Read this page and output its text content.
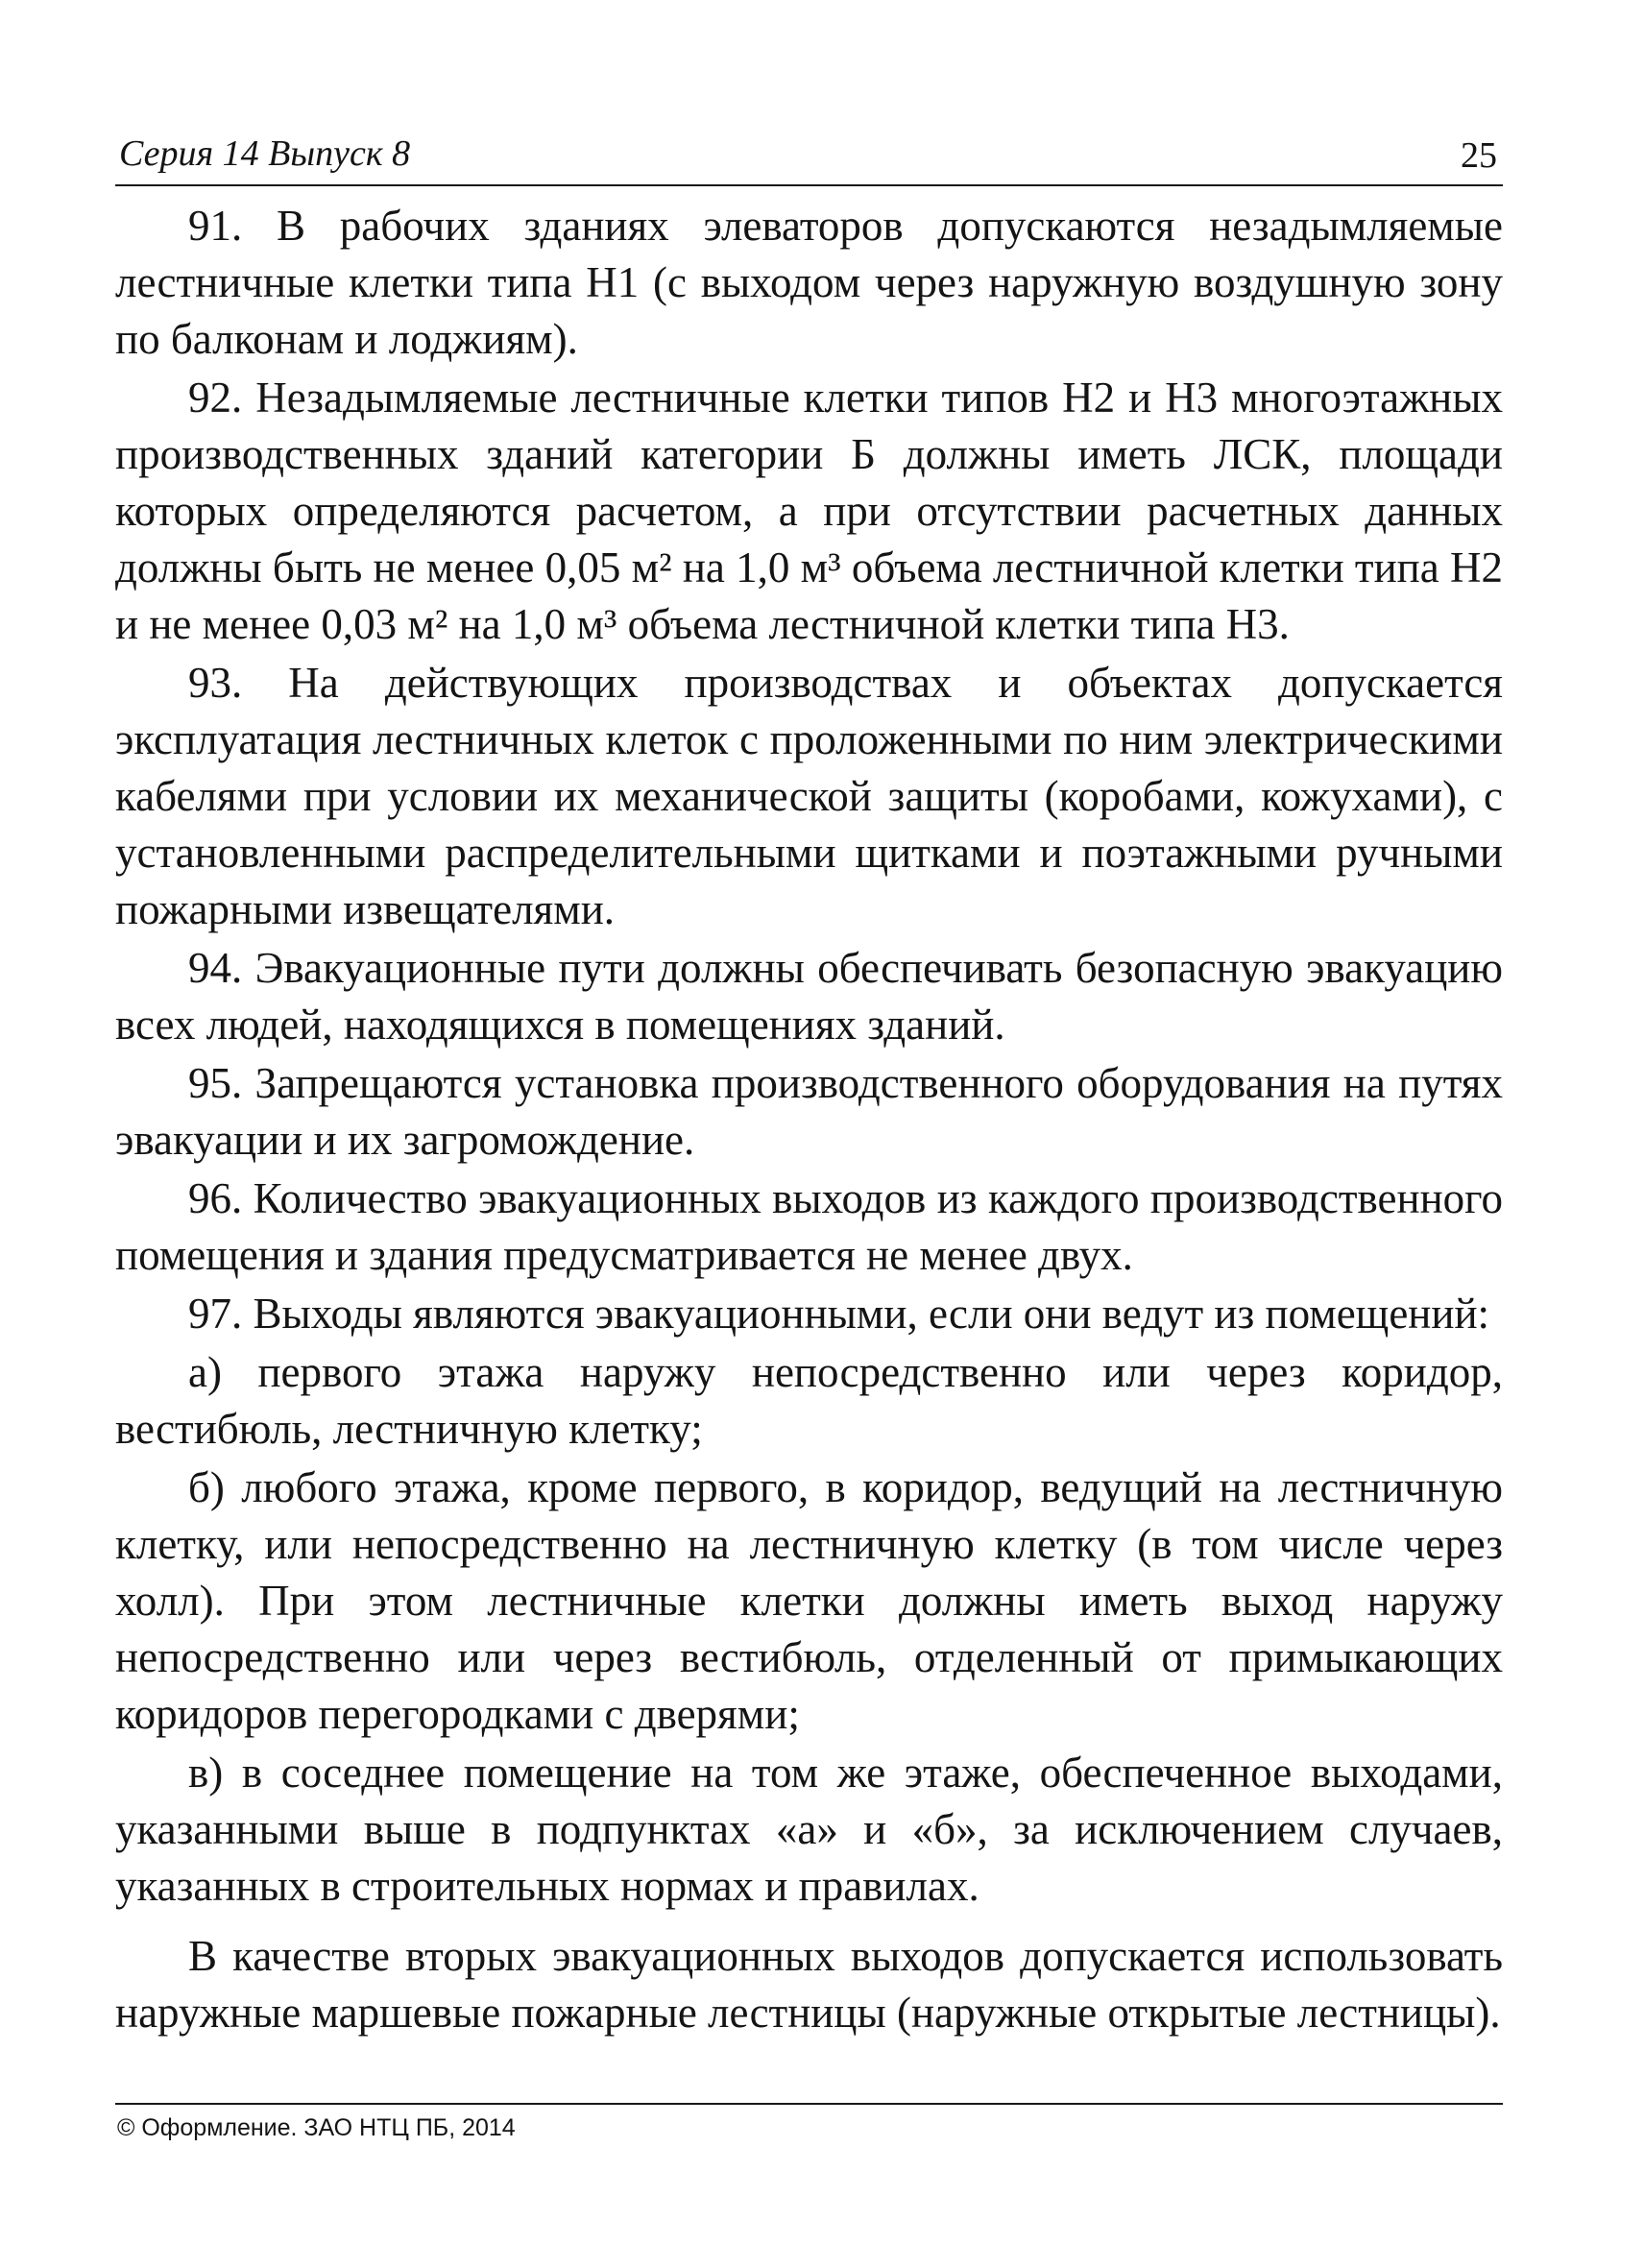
Серия 14 Выпуск 8	25

91. В рабочих зданиях элеваторов допускаются незадымляемые лестничные клетки типа Н1 (с выходом через наружную воздушную зону по балконам и лоджиям).

92. Незадымляемые лестничные клетки типов Н2 и Н3 многоэтажных производственных зданий категории Б должны иметь ЛСК, площади которых определяются расчетом, а при отсутствии расчетных данных должны быть не менее 0,05 м² на 1,0 м³ объема лестничной клетки типа Н2 и не менее 0,03 м² на 1,0 м³ объема лестничной клетки типа Н3.

93. На действующих производствах и объектах допускается эксплуатация лестничных клеток с проложенными по ним электрическими кабелями при условии их механической защиты (коробами, кожухами), с установленными распределительными щитками и поэтажными ручными пожарными извещателями.

94. Эвакуационные пути должны обеспечивать безопасную эвакуацию всех людей, находящихся в помещениях зданий.

95. Запрещаются установка производственного оборудования на путях эвакуации и их загромождение.

96. Количество эвакуационных выходов из каждого производственного помещения и здания предусматривается не менее двух.

97. Выходы являются эвакуационными, если они ведут из помещений:

а) первого этажа наружу непосредственно или через коридор, вестибюль, лестничную клетку;

б) любого этажа, кроме первого, в коридор, ведущий на лестничную клетку, или непосредственно на лестничную клетку (в том числе через холл). При этом лестничные клетки должны иметь выход наружу непосредственно или через вестибюль, отделенный от примыкающих коридоров перегородками с дверями;

в) в соседнее помещение на том же этаже, обеспеченное выходами, указанными выше в подпунктах «а» и «б», за исключением случаев, указанных в строительных нормах и правилах.

В качестве вторых эвакуационных выходов допускается использовать наружные маршевые пожарные лестницы (наружные открытые лестницы).

© Оформление. ЗАО НТЦ ПБ, 2014
